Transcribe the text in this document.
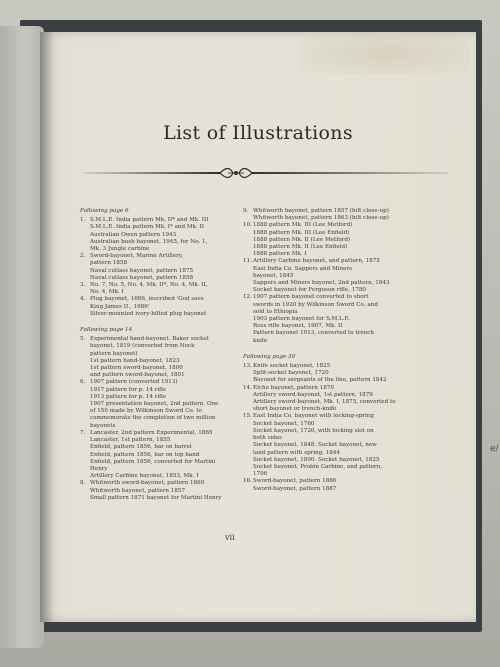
List of Illustrations
Following page 6
1. S.M.L.E. India pattern Mk. II* and Mk. III
S.M.L.E. India pattern Mk. I* and Mk. II
Australian Owen pattern 1943
Australian bush bayonet, 1945, for No. 1,
Mk. 3 Jungle carbine
2. Sword-bayonet, Marine Artillery,
pattern 1858
Naval cutlass bayonet, pattern 1875
Naval cutlass bayonet, pattern 1858
3. No. 7, No. 5, No. 4, Mk. II*, No. 4, Mk. II,
No. 4, Mk. I
4. Plug bayonet, 1686, inscribed 'God save
King James II., 1686'
Silver-mounted ivory-hilted plug bayonet
Following page 14
5. Experimental hand-bayonet. Baker socket
bayonet, 1819 (converted from Nock
pattern bayonet)
1st pattern hand-bayonet, 1823
1st pattern sword-bayonet, 1800
and pattern sword-bayonet, 1801
6. 1907 pattern (converted 1913)
1917 pattern for p. 14 rifle
1913 pattern for p. 14 rifle
1907 presentation bayonet, 2nd pattern. One
of 150 made by Wilkinson Sword Co. to
commemorate the completion of two million
bayonets
7. Lancaster, 2nd pattern Experimental, 1865
Lancaster, 1st pattern, 1855
Enfield, pattern 1856, bar on barrel
Enfield, pattern 1856, bar on top band
Enfield, pattern 1856, converted for Martini
Henry
Artillery Carbine bayonet, 1853, Mk. I
8. Whitworth sword-bayonet, pattern 1869
Whitworth bayonet, pattern 1857
Small pattern 1871 bayonet for Martini Henry
9. Whitworth bayonet, pattern 1857 (hilt close-up)
Whitworth bayonet, pattern 1863 (hilt close-up)
10. 1888 pattern Mk. III (Lee Metford)
1888 pattern Mk. III (Lee Enfield)
1888 pattern Mk. II (Lee Metford)
1888 pattern Mk. II (Lee Enfield)
1888 pattern Mk. I
11. Artillery Carbine bayonet, and pattern, 1875
East India Co. Sappers and Miners
bayonet, 1845
Sappers and Miners bayonet, 2nd pattern, 1843
Socket bayonet for Ferguson rifle, 1780
12. 1907 pattern bayonet converted to short
swords in 1920 by Wilkinson Sword Co. and
sold to Ethiopia
1903 pattern bayonet for S.M.L.E.
Ross rifle bayonet, 1907, Mk. II
Pattern bayonet 1913, converted to trench
knife
Following page 30
13. Knife socket bayonet, 1825
Split-socket bayonet, 1720
Bayonet for sergeants of the line, pattern 1842
14. Elcho bayonet, pattern 1870
Artillery sword-bayonet, 1st pattern, 1879
Artillery sword-bayonet, Mk. I, 1875, converted to
short bayonet or trench-knife
15. East India Co. bayonet with locking-spring
Socket bayonet, 1760
Socket bayonet, 1720, with locking slot on
both sides
Socket bayonet, 1848. Socket bayonet, new
land pattern with spring, 1844
Socket bayonet, 1800. Socket bayonet, 1825
Socket bayonet, Probin Carbine, and pattern,
1796
16. Sword-bayonet, pattern 1886
Sword-bayonet, pattern 1887
vii
e/
